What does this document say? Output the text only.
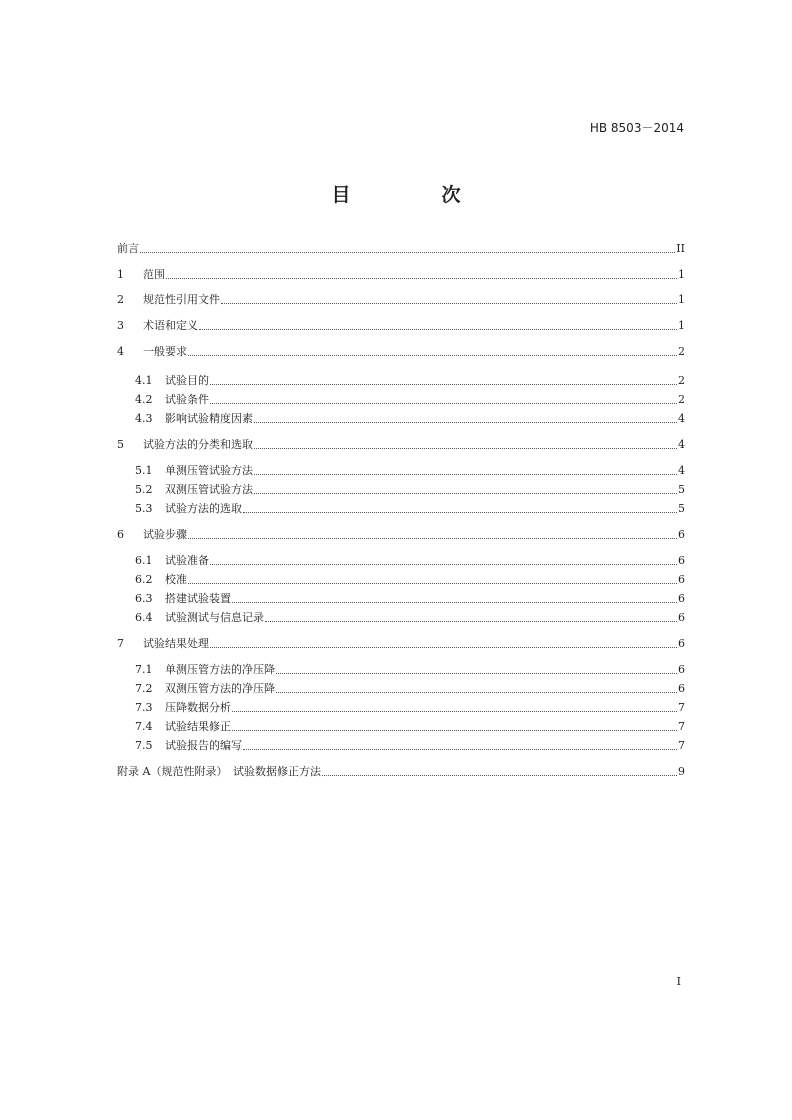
HB 8503－2014
目　次
前言	II
1	范围	1
2	规范性引用文件	1
3	术语和定义	1
4	一般要求	2
4.1	试验目的	2
4.2	试验条件	2
4.3	影响试验精度因素	4
5	试验方法的分类和选取	4
5.1	单测压管试验方法	4
5.2	双测压管试验方法	5
5.3	试验方法的选取	5
6	试验步骤	6
6.1	试验准备	6
6.2	校准	6
6.3	搭建试验装置	6
6.4	试验测试与信息记录	6
7	试验结果处理	6
7.1	单测压管方法的净压降	6
7.2	双测压管方法的净压降	6
7.3	压降数据分析	7
7.4	试验结果修正	7
7.5	试验报告的编写	7
附录 A（规范性附录）　试验数据修正方法	9
I
